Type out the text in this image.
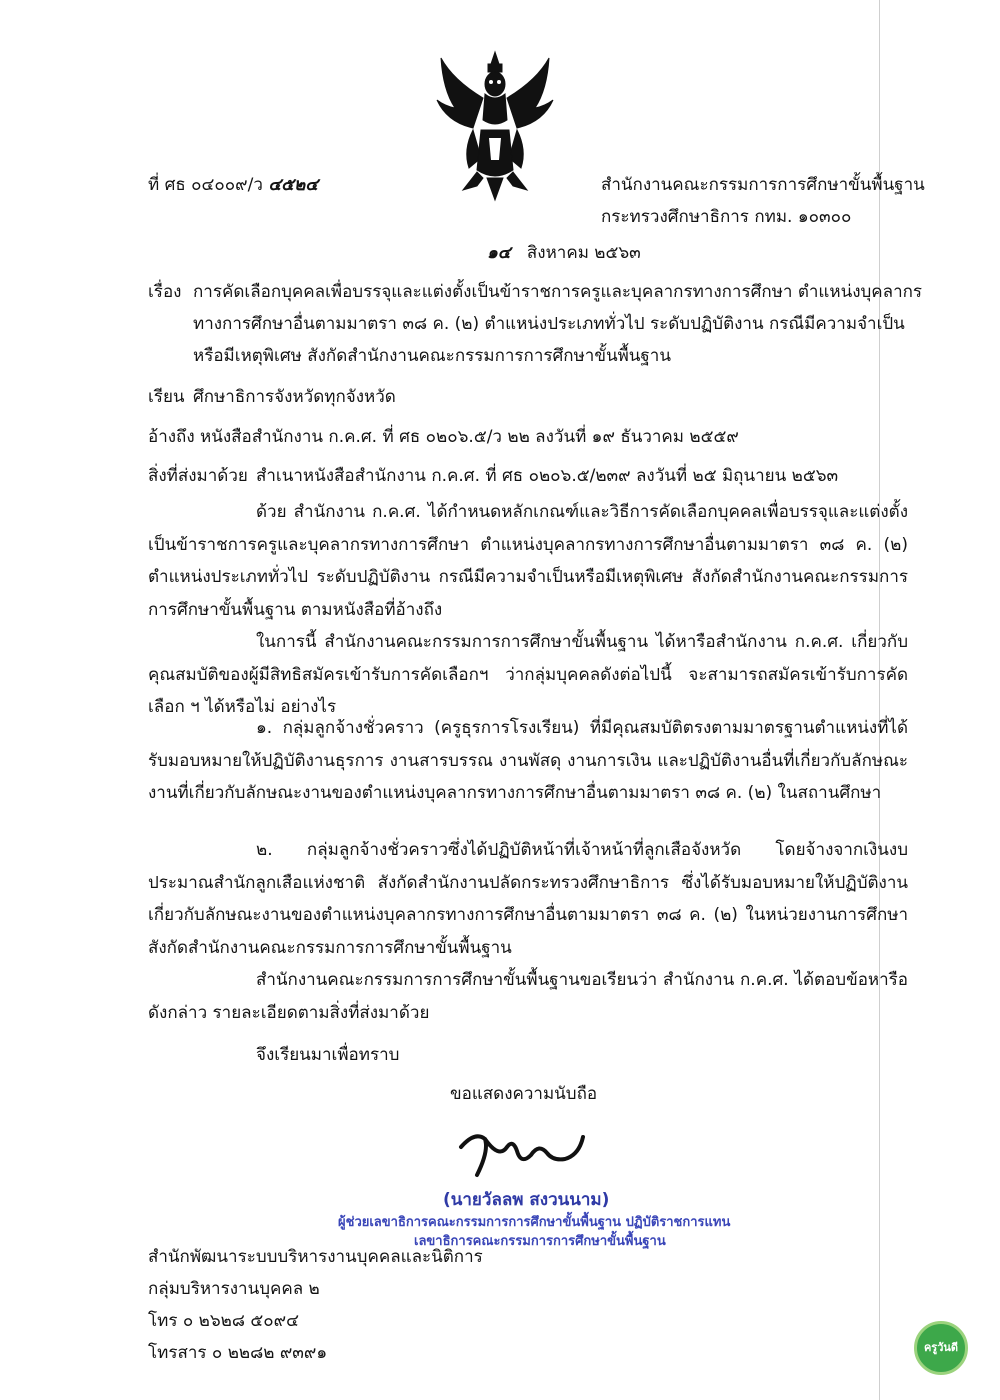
ที่ ศธ ๐๔๐๐๙/ว ๔๕๒๔	สำนักงานคณะกรรมการการศึกษาขั้นพื้นฐาน
กระทรวงศึกษาธิการ กทม. ๑๐๓๐๐
๑๔ สิงหาคม ๒๕๖๓
เรื่อง การคัดเลือกบุคคลเพื่อบรรจุและแต่งตั้งเป็นข้าราชการครูและบุคลากรทางการศึกษา ตำแหน่งบุคลากร
ทางการศึกษาอื่นตามมาตรา ๓๘ ค. (๒) ตำแหน่งประเภททั่วไป ระดับปฏิบัติงาน กรณีมีความจำเป็น
หรือมีเหตุพิเศษ สังกัดสำนักงานคณะกรรมการการศึกษาขั้นพื้นฐาน
เรียน ศึกษาธิการจังหวัดทุกจังหวัด
อ้างถึง หนังสือสำนักงาน ก.ค.ศ. ที่ ศธ ๐๒๐๖.๕/ว ๒๒ ลงวันที่ ๑๙ ธันวาคม ๒๕๕๙
สิ่งที่ส่งมาด้วย สำเนาหนังสือสำนักงาน ก.ค.ศ. ที่ ศธ ๐๒๐๖.๕/๒๓๙ ลงวันที่ ๒๕ มิถุนายน ๒๕๖๓
ด้วย สำนักงาน ก.ค.ศ. ได้กำหนดหลักเกณฑ์และวิธีการคัดเลือกบุคคลเพื่อบรรจุและแต่งตั้งเป็นข้าราชการครูและบุคลากรทางการศึกษา ตำแหน่งบุคลากรทางการศึกษาอื่นตามมาตรา ๓๘ ค. (๒) ตำแหน่งประเภททั่วไป ระดับปฏิบัติงาน กรณีมีความจำเป็นหรือมีเหตุพิเศษ สังกัดสำนักงานคณะกรรมการการศึกษาขั้นพื้นฐาน ตามหนังสือที่อ้างถึง
ในการนี้ สำนักงานคณะกรรมการการศึกษาขั้นพื้นฐาน ได้หารือสำนักงาน ก.ค.ศ. เกี่ยวกับคุณสมบัติของผู้มีสิทธิสมัครเข้ารับการคัดเลือกฯ ว่ากลุ่มบุคคลดังต่อไปนี้ จะสามารถสมัครเข้ารับการคัดเลือก ฯ ได้หรือไม่ อย่างไร
๑. กลุ่มลูกจ้างชั่วคราว (ครูธุรการโรงเรียน) ที่มีคุณสมบัติตรงตามมาตรฐานตำแหน่งที่ได้รับมอบหมายให้ปฏิบัติงานธุรการ งานสารบรรณ งานพัสดุ งานการเงิน และปฏิบัติงานอื่นที่เกี่ยวกับลักษณะงานที่เกี่ยวกับลักษณะงานของตำแหน่งบุคลากรทางการศึกษาอื่นตามมาตรา ๓๘ ค. (๒) ในสถานศึกษา
๒. กลุ่มลูกจ้างชั่วคราวซึ่งได้ปฏิบัติหน้าที่เจ้าหน้าที่ลูกเสือจังหวัด โดยจ้างจากเงินงบประมาณสำนักลูกเสือแห่งชาติ สังกัดสำนักงานปลัดกระทรวงศึกษาธิการ ซึ่งได้รับมอบหมายให้ปฏิบัติงานเกี่ยวกับลักษณะงานของตำแหน่งบุคลากรทางการศึกษาอื่นตามมาตรา ๓๘ ค. (๒) ในหน่วยงานการศึกษาสังกัดสำนักงานคณะกรรมการการศึกษาขั้นพื้นฐาน
สำนักงานคณะกรรมการการศึกษาขั้นพื้นฐานขอเรียนว่า สำนักงาน ก.ค.ศ. ได้ตอบข้อหารือดังกล่าว รายละเอียดตามสิ่งที่ส่งมาด้วย
จึงเรียนมาเพื่อทราบ
ขอแสดงความนับถือ
(นายวัลลพ สงวนนาม)
ผู้ช่วยเลขาธิการคณะกรรมการการศึกษาขั้นพื้นฐาน ปฏิบัติราชการแทน
เลขาธิการคณะกรรมการการศึกษาขั้นพื้นฐาน
สำนักพัฒนาระบบบริหารงานบุคคลและนิติการ
กลุ่มบริหารงานบุคคล ๒
โทร ๐ ๒๖๒๘ ๕๐๙๔
โทรสาร ๐ ๒๒๘๒ ๙๓๙๑	ครูวันดี
